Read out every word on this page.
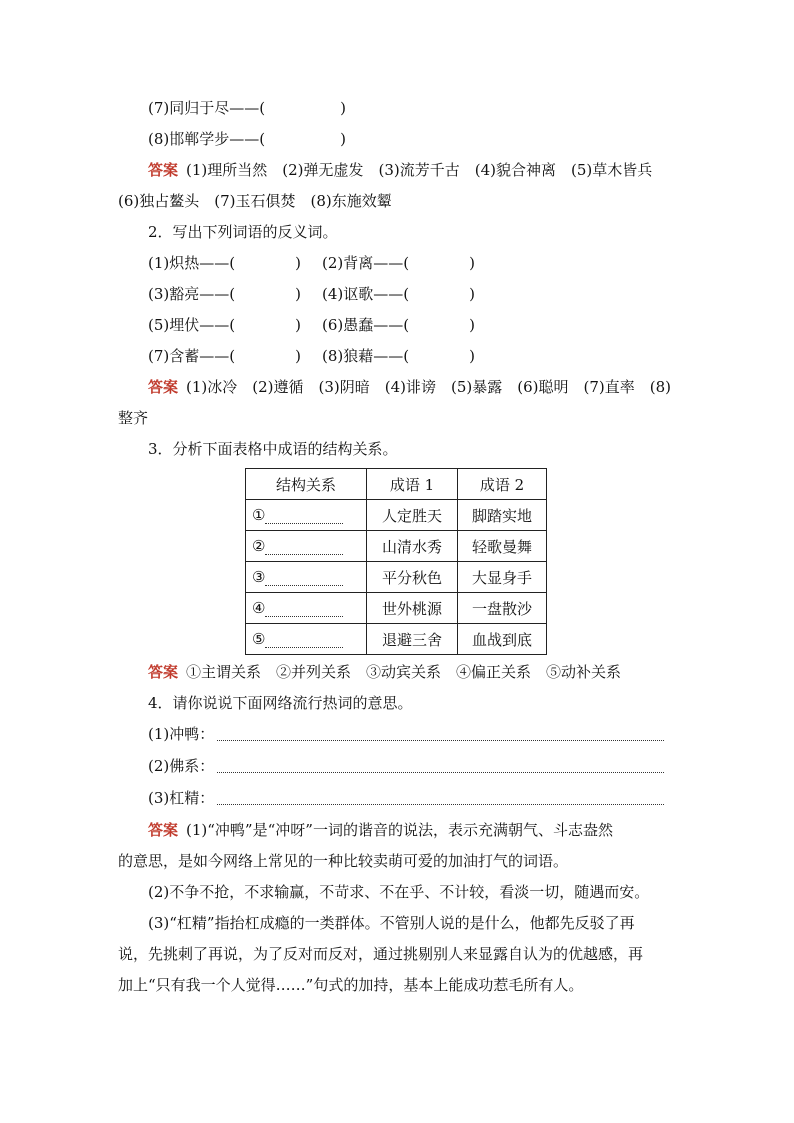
(7)同归于尽——(　　　　　)
(8)邯郸学步——(　　　　　)
答案 (1)理所当然　(2)弹无虚发　(3)流芳千古　(4)貌合神离　(5)草木皆兵
(6)独占鳌头　(7)玉石俱焚　(8)东施效颦
2．写出下列词语的反义词。
(1)炽热——(　　　　) (2)背离——(　　　　)
(3)豁亮——(　　　　) (4)讴歌——(　　　　)
(5)埋伏——(　　　　) (6)愚蠢——(　　　　)
(7)含蓄——(　　　　) (8)狼藉——(　　　　)
答案 (1)冰冷　(2)遵循　(3)阴暗　(4)诽谤　(5)暴露　(6)聪明　(7)直率　(8)
整齐
3．分析下面表格中成语的结构关系。
结构关系	成语 1	成语 2
①	人定胜天	脚踏实地
②	山清水秀	轻歌曼舞
③	平分秋色	大显身手
④	世外桃源	一盘散沙
⑤	退避三舍	血战到底
答案 ①主谓关系　②并列关系　③动宾关系　④偏正关系　⑤动补关系
4．请你说说下面网络流行热词的意思。
(1)冲鸭：
(2)佛系：
(3)杠精：
答案 (1)“冲鸭”是“冲呀”一词的谐音的说法，表示充满朝气、斗志盎然
的意思，是如今网络上常见的一种比较卖萌可爱的加油打气的词语。
(2)不争不抢，不求输赢，不苛求、不在乎、不计较，看淡一切，随遇而安。
(3)“杠精”指抬杠成瘾的一类群体。不管别人说的是什么，他都先反驳了再
说，先挑刺了再说，为了反对而反对，通过挑剔别人来显露自认为的优越感，再
加上“只有我一个人觉得……”句式的加持，基本上能成功惹毛所有人。
